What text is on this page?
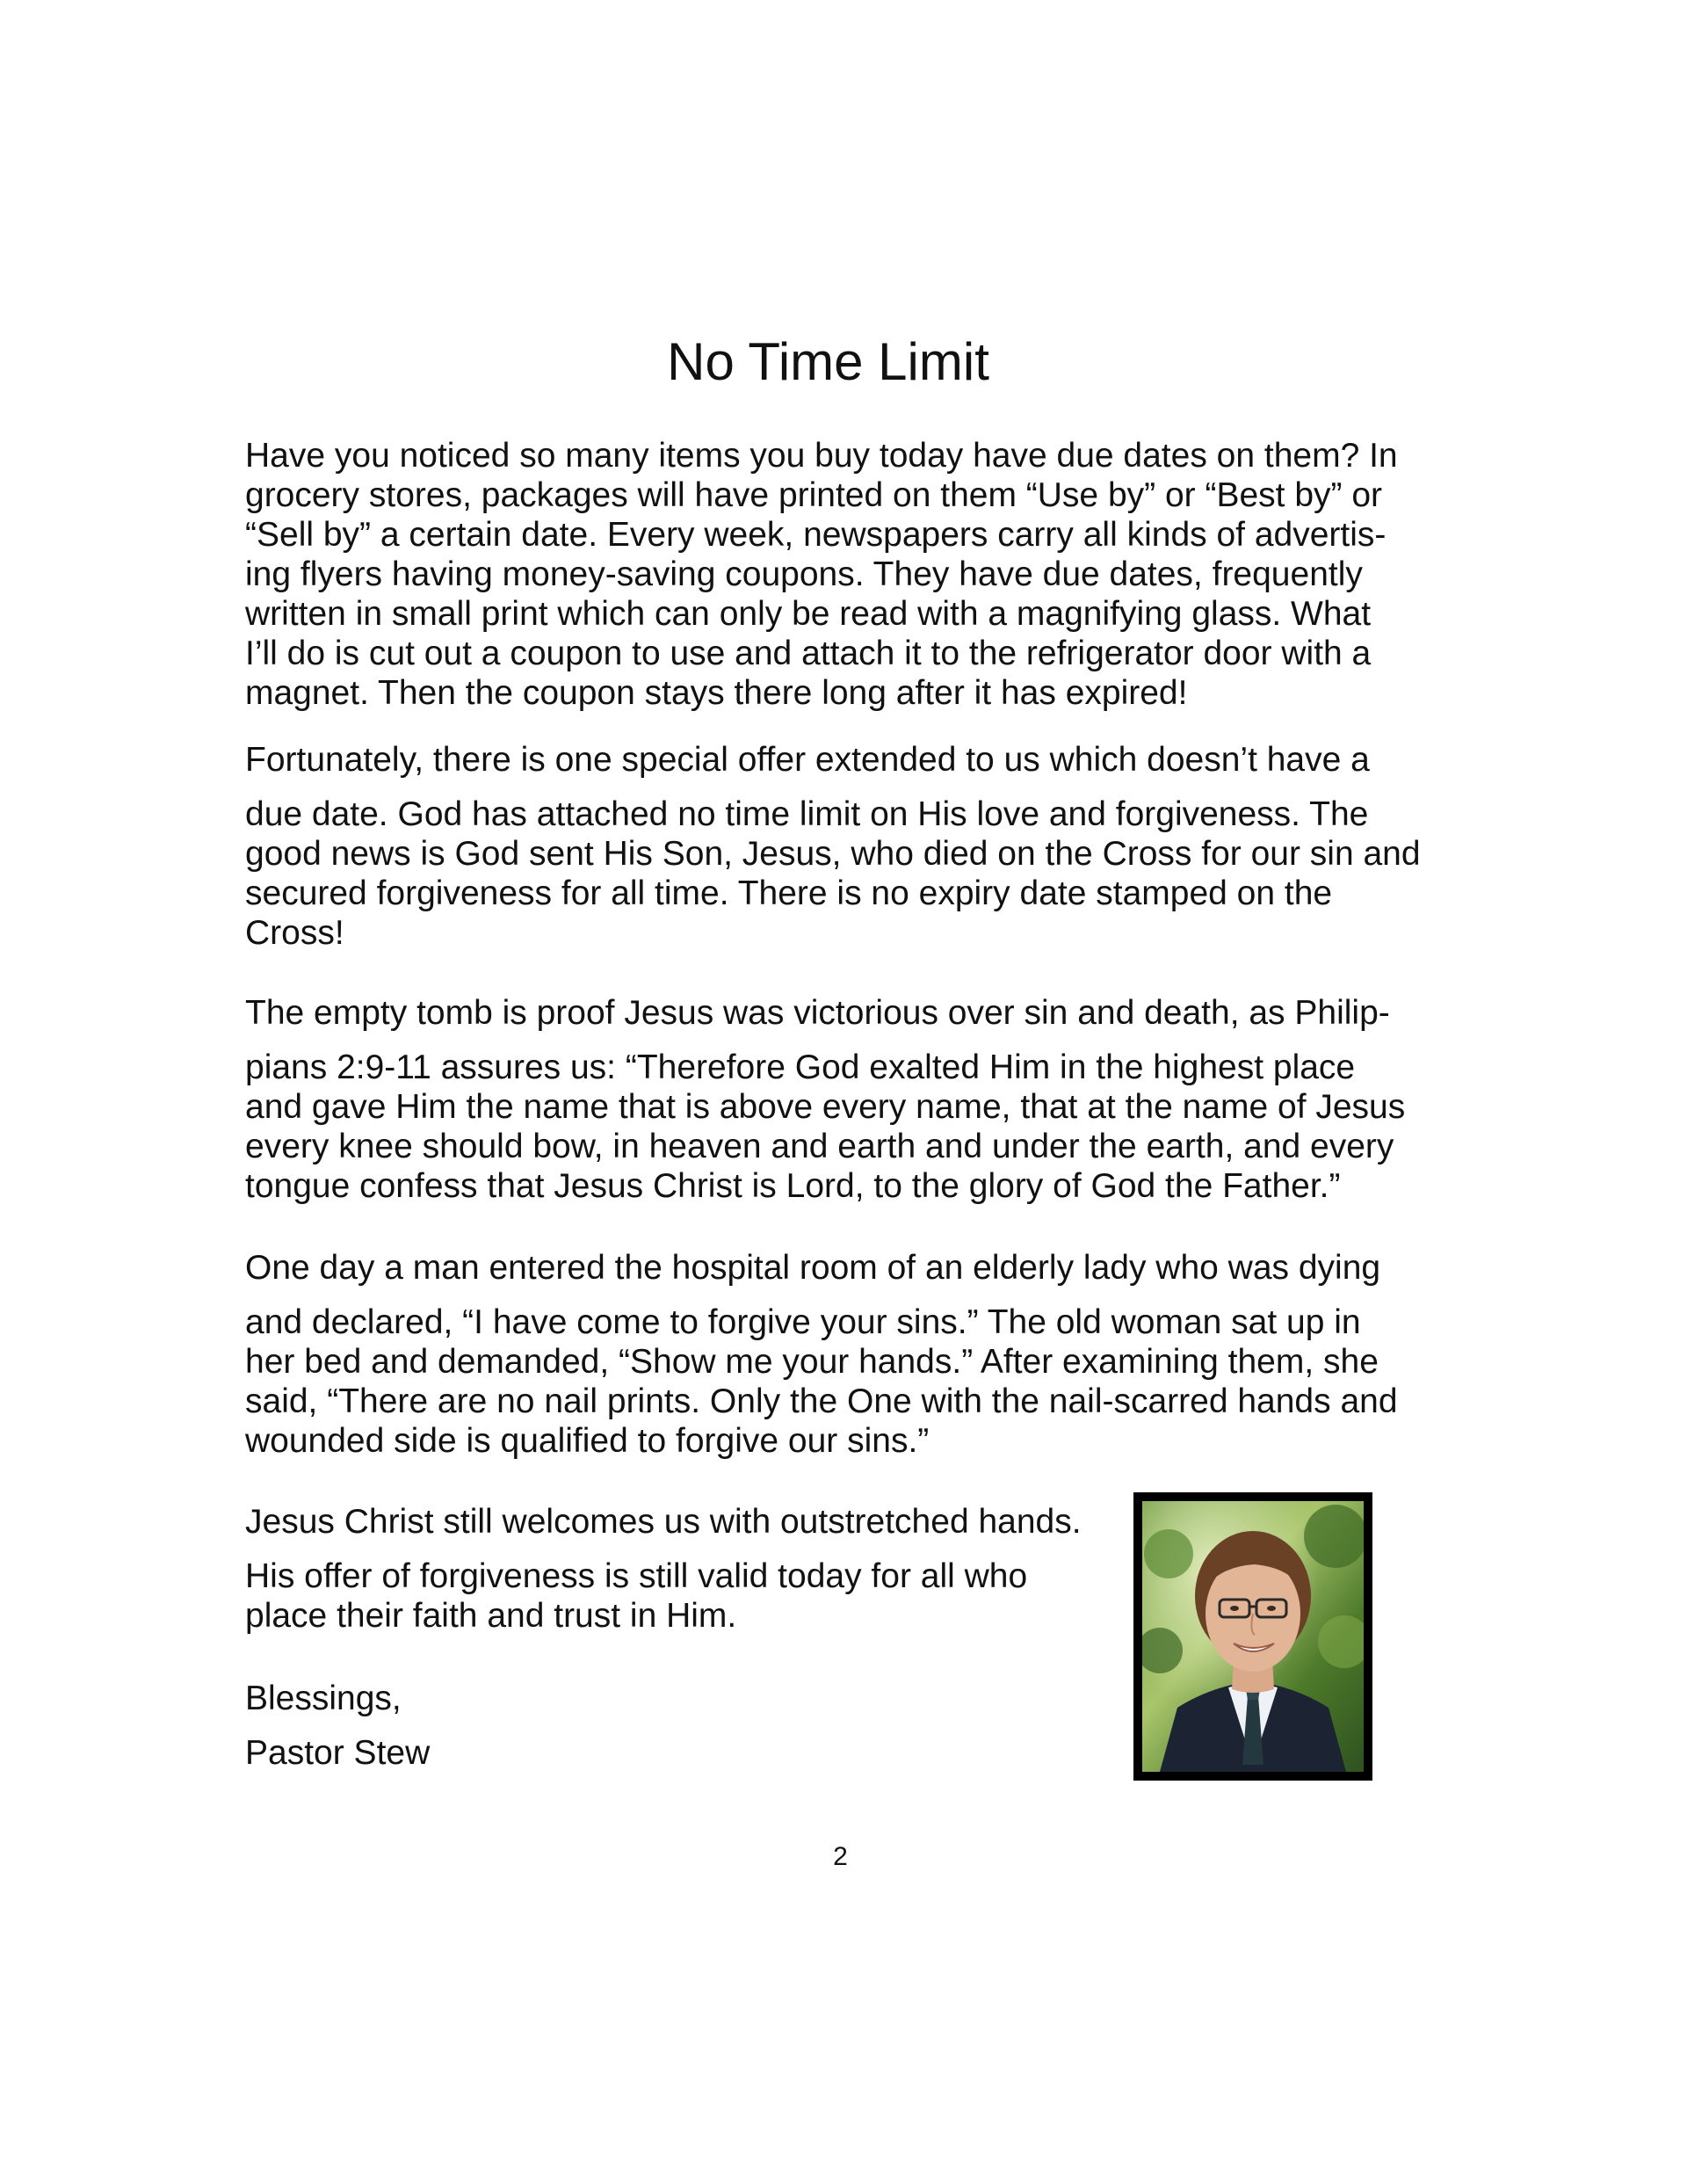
No Time Limit

Have you noticed so many items you buy today have due dates on them? In
grocery stores, packages will have printed on them “Use by” or “Best by” or
“Sell by” a certain date. Every week, newspapers carry all kinds of advertis-
ing flyers having money-saving coupons. They have due dates, frequently
written in small print which can only be read with a magnifying glass. What
I’ll do is cut out a coupon to use and attach it to the refrigerator door with a
magnet. Then the coupon stays there long after it has expired!

Fortunately, there is one special offer extended to us which doesn’t have a
due date. God has attached no time limit on His love and forgiveness. The
good news is God sent His Son, Jesus, who died on the Cross for our sin and
secured forgiveness for all time. There is no expiry date stamped on the
Cross!

The empty tomb is proof Jesus was victorious over sin and death, as Philip-
pians 2:9-11 assures us: “Therefore God exalted Him in the highest place
and gave Him the name that is above every name, that at the name of Jesus
every knee should bow, in heaven and earth and under the earth, and every
tongue confess that Jesus Christ is Lord, to the glory of God the Father.”

One day a man entered the hospital room of an elderly lady who was dying
and declared, “I have come to forgive your sins.” The old woman sat up in
her bed and demanded, “Show me your hands.” After examining them, she
said, “There are no nail prints. Only the One with the nail-scarred hands and
wounded side is qualified to forgive our sins.”

Jesus Christ still welcomes us with outstretched hands.
His offer of forgiveness is still valid today for all who
place their faith and trust in Him.

Blessings,

Pastor Stew

2
